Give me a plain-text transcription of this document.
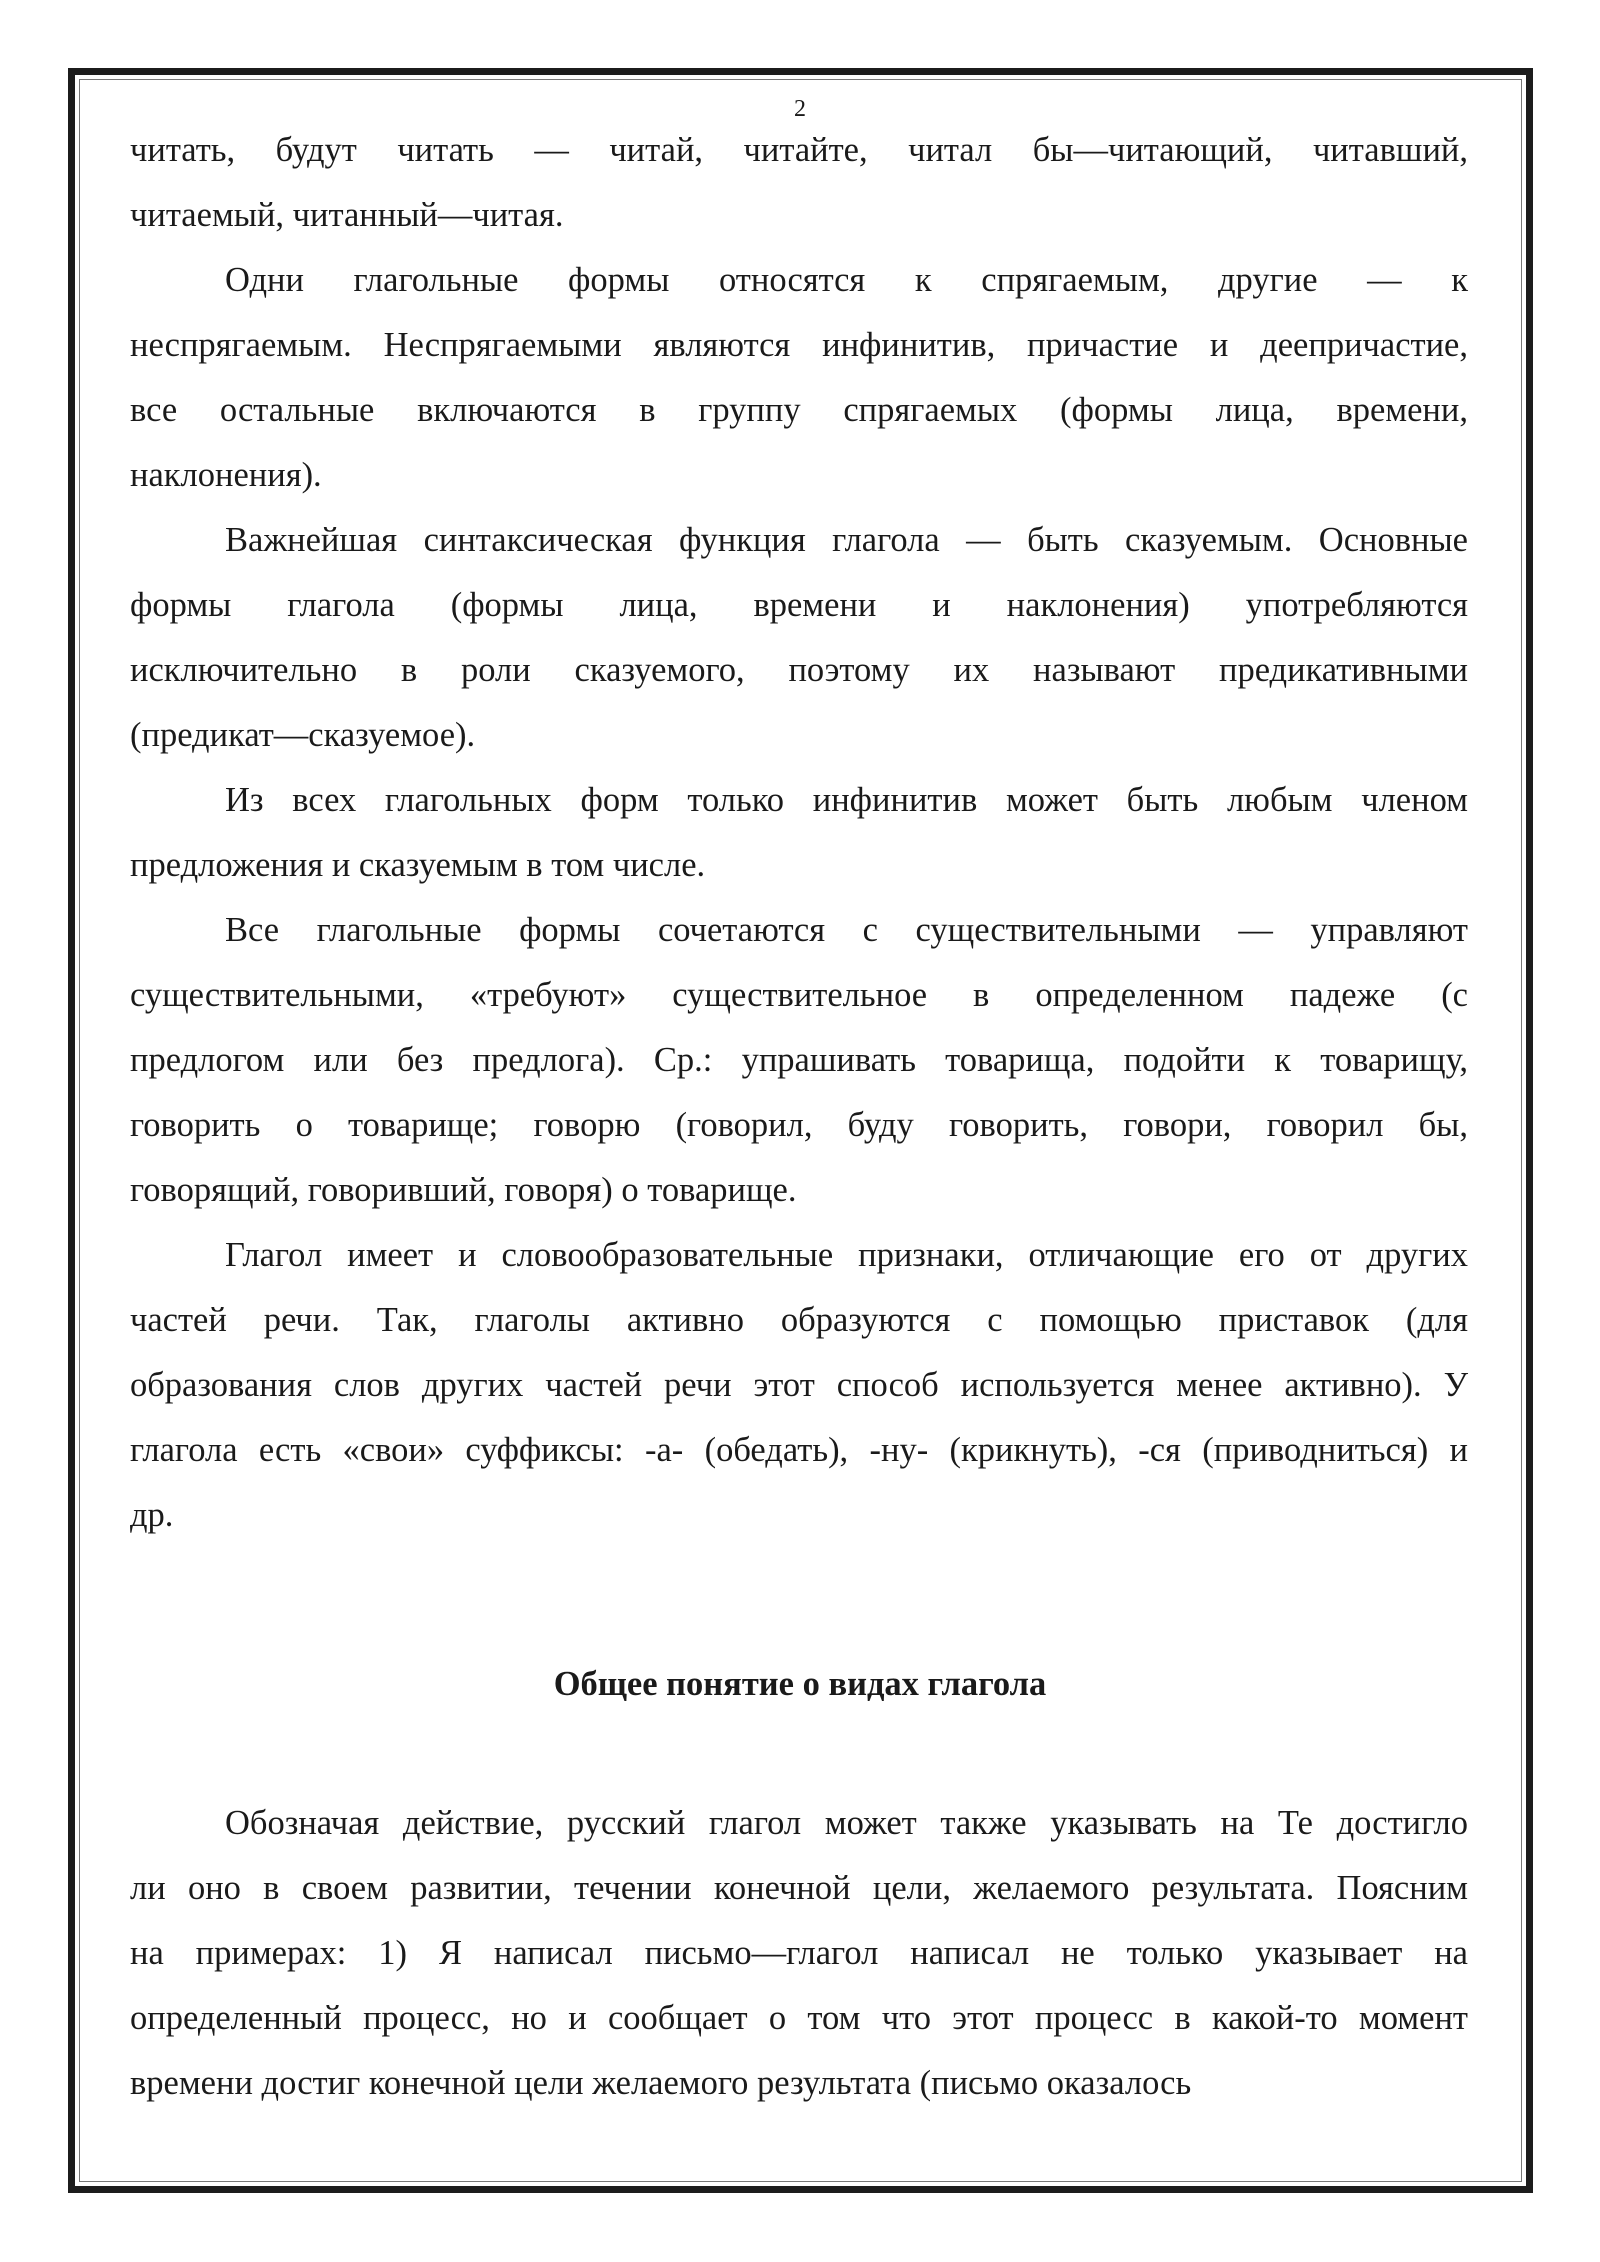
2

читать, будут читать — читай, читайте, читал бы—читающий, читавший,

читаемый, читанный—читая.

Одни глагольные формы относятся к спрягаемым, другие — к

неспрягаемым. Неспрягаемыми являются инфинитив, причастие и деепричастие,

все остальные включаются в группу спрягаемых (формы лица, времени,

наклонения).

Важнейшая синтаксическая функция глагола — быть сказуемым. Основные

формы глагола (формы лица, времени и наклонения) употребляются

исключительно в роли сказуемого, поэтому их называют предикативными

(предикат—сказуемое).

Из всех глагольных форм только инфинитив может быть любым членом

предложения и сказуемым в том числе.

Все глагольные формы сочетаются с существительными — управляют

существительными, «требуют» существительное в определенном падеже (с

предлогом или без предлога). Ср.: упрашивать товарища, подойти к товарищу,

говорить о товарище; говорю (говорил, буду говорить, говори, говорил бы,

говорящий, говоривший, говоря) о товарище.

Глагол имеет и словообразовательные признаки, отличающие его от других

частей речи. Так, глаголы активно образуются с помощью приставок (для

образования слов других частей речи этот способ используется менее активно). У

глагола есть «свои» суффиксы: -а- (обедать), -ну- (крикнуть), -ся (приводниться) и

др.

Общее понятие о видах глагола

Обозначая действие, русский глагол может также указывать на Те достигло

ли оно в своем развитии, течении конечной цели, желаемого результата. Поясним

на примерах: 1) Я написал письмо—глагол написал не только указывает на

определенный процесс, но и сообщает о том что этот процесс в какой-то момент

времени достиг конечной цели желаемого результата (письмо оказалось
